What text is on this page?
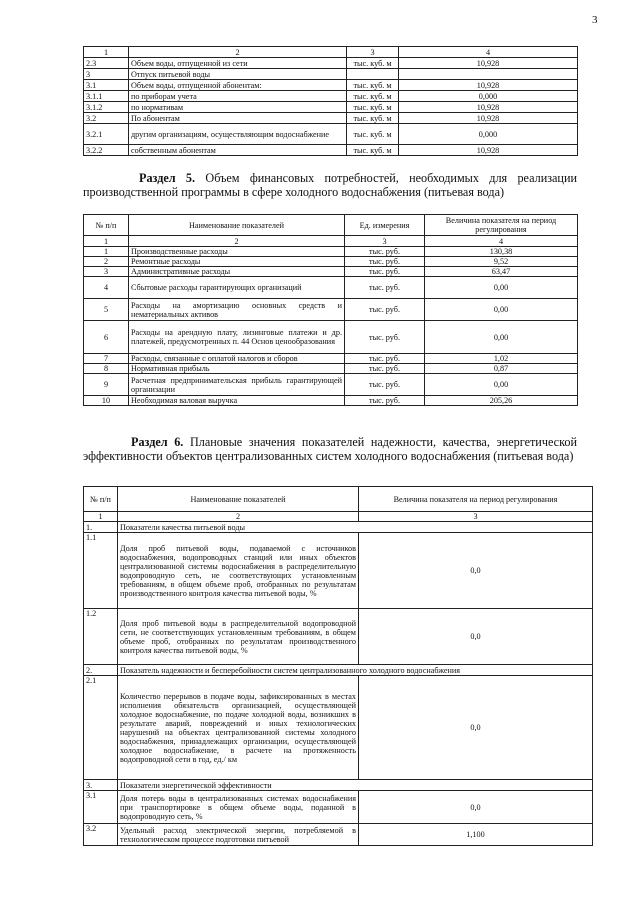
3
1	2	3	4
2.3	Объем воды, отпущенной из сети	тыс. куб. м	10,928
3	Отпуск питьевой воды		
3.1	Объем воды, отпущенной абонентам:	тыс. куб. м	10,928
3.1.1	по приборам учета	тыс. куб. м	0,000
3.1.2	по нормативам	тыс. куб. м	10,928
3.2	По абонентам	тыс. куб. м	10,928
3.2.1	другим организациям, осуществляющим водоснабжение	тыс. куб. м	0,000
3.2.2	собственным абонентам	тыс. куб. м	10,928
Раздел 5. Объем финансовых потребностей, необходимых для реализации производственной программы в сфере холодного водоснабжения (питьевая вода)
№ п/п	Наименование показателей	Ед. измерения	Величина показателя на период регулирования
1	2	3	4
1	Производственные расходы	тыс. руб.	130,38
2	Ремонтные расходы	тыс. руб.	9,52
3	Административные расходы	тыс. руб.	63,47
4	Сбытовые расходы гарантирующих организаций	тыс. руб.	0,00
5	Расходы на амортизацию основных средств и нематериальных активов	тыс. руб.	0,00
6	Расходы на арендную плату, лизинговые платежи и др. платежей, предусмотренных п. 44 Основ ценообразования	тыс. руб.	0,00
7	Расходы, связанные с оплатой налогов и сборов	тыс. руб.	1,02
8	Нормативная прибыль	тыс. руб.	0,87
9	Расчетная предпринимательская прибыль гарантирующей организации	тыс. руб.	0,00
10	Необходимая валовая выручка	тыс. руб.	205,26
Раздел 6. Плановые значения показателей надежности, качества, энергетической эффективности объектов централизованных систем холодного водоснабжения (питьевая вода)
№ п/п	Наименование показателей	Величина показателя на период регулирования
1	2	3
1.	Показатели качества питьевой воды	
1.1	Доля проб питьевой воды, подаваемой с источников водоснабжения, водопроводных станций или иных объектов централизованной системы водоснабжения в распределительную водопроводную сеть, не соответствующих установленным требованиям, в общем объеме проб, отобранных по результатам производственного контроля качества питьевой воды, %	0,0
1.2	Доля проб питьевой воды в распределительной водопроводной сети, не соответствующих установленным требованиям, в общем объеме проб, отобранных по результатам производственного контроля качества питьевой воды, %	0,0
2.	Показатель надежности и бесперебойности систем централизованного холодного водоснабжения	
2.1	Количество перерывов в подаче воды, зафиксированных в местах исполнения обязательств организацией, осуществляющей холодное водоснабжение, по подаче холодной воды, возникших в результате аварий, повреждений и иных технологических нарушений на объектах централизованной системы холодного водоснабжения, принадлежащих организации, осуществляющей холодное водоснабжение, в расчете на протяженность водопроводной сети в год, ед./ км	0,0
3.	Показатели энергетической эффективности	
3.1	Доля потерь воды в централизованных системах водоснабжения при транспортировке в общем объеме воды, поданной в водопроводную сеть, %	0,0
3.2	Удельный расход электрической энергии, потребляемой в технологическом процессе подготовки питьевой	1,100
